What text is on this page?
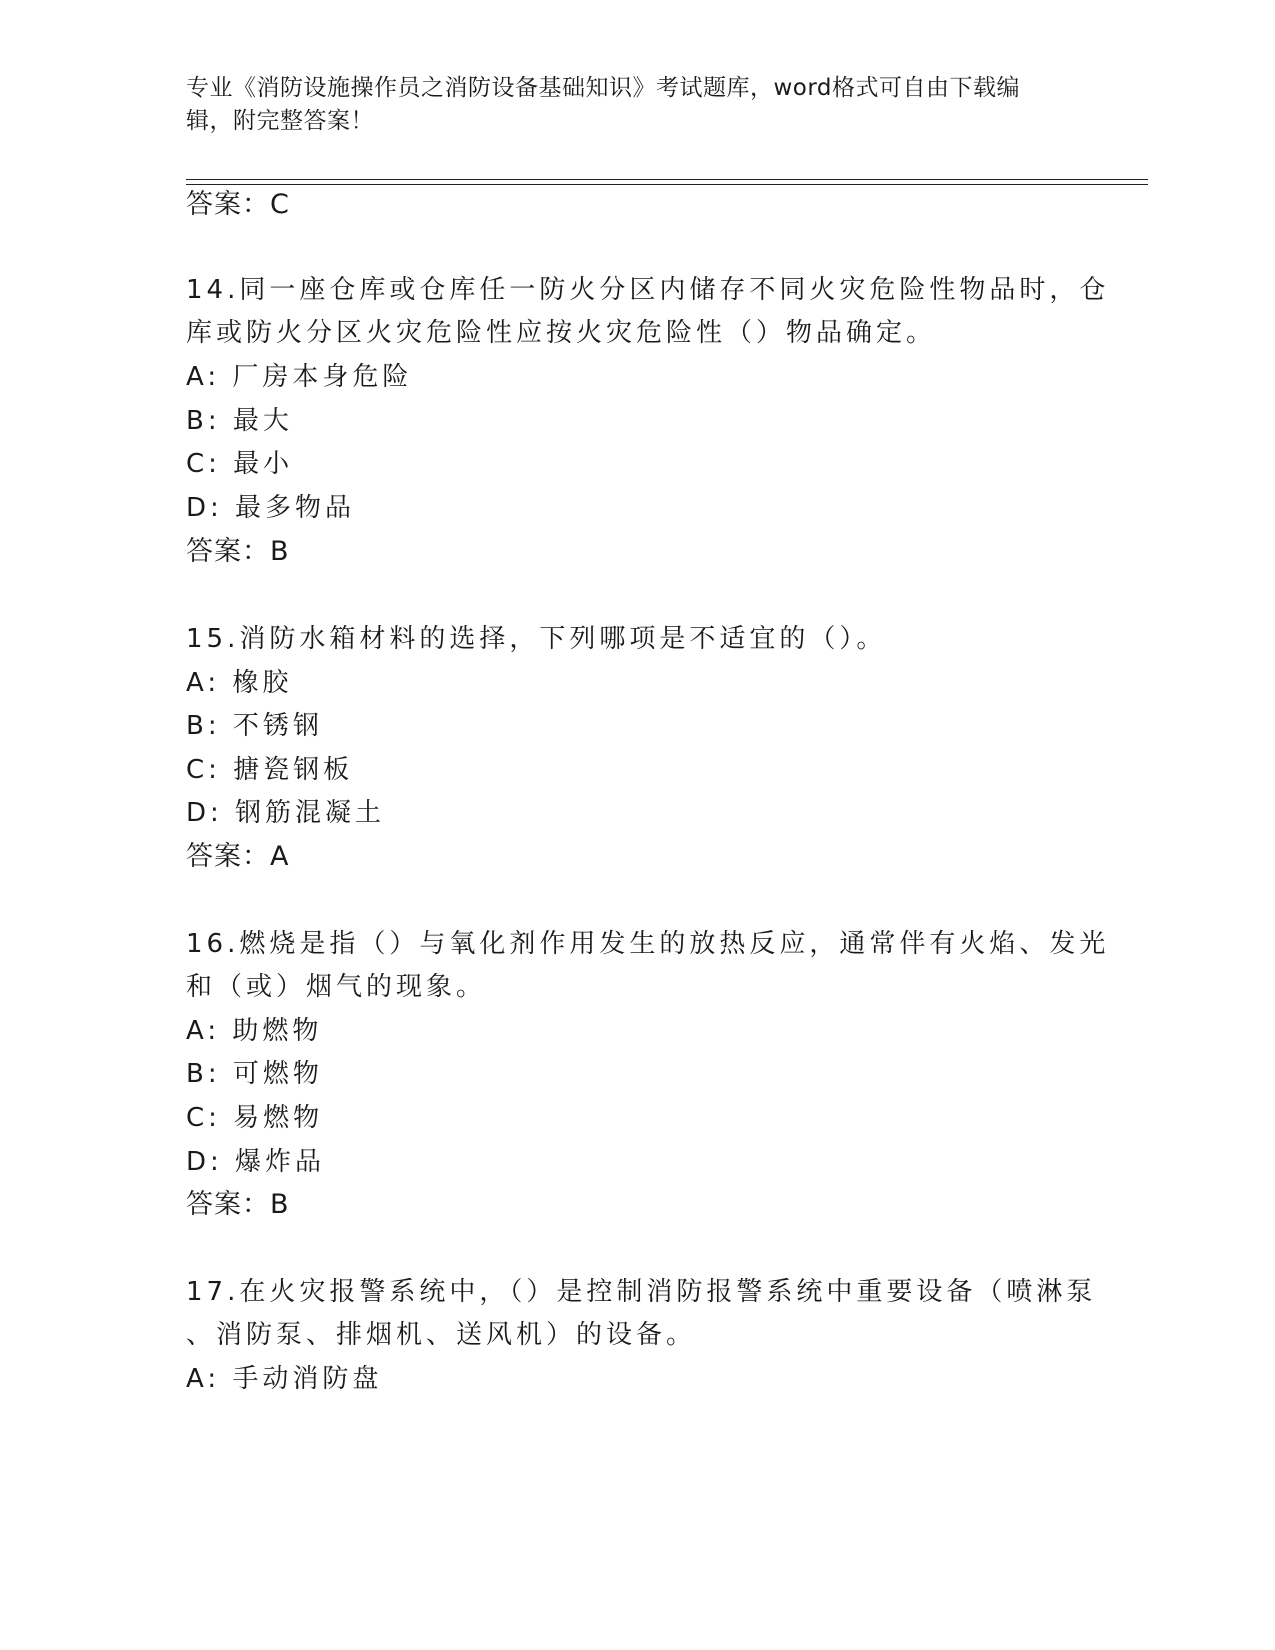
专业《消防设施操作员之消防设备基础知识》考试题库，word格式可自由下载编
辑，附完整答案！
答案：C
14.同一座仓库或仓库任一防火分区内储存不同火灾危险性物品时，仓
库或防火分区火灾危险性应按火灾危险性（）物品确定。
A: 厂房本身危险
B: 最大
C: 最小
D: 最多物品
答案：B
15.消防水箱材料的选择，下列哪项是不适宜的（）。
A: 橡胶
B: 不锈钢
C: 搪瓷钢板
D: 钢筋混凝土
答案：A
16.燃烧是指（）与氧化剂作用发生的放热反应，通常伴有火焰、发光
和（或）烟气的现象。
A: 助燃物
B: 可燃物
C: 易燃物
D: 爆炸品
答案：B
17.在火灾报警系统中，（）是控制消防报警系统中重要设备（喷淋泵
、消防泵、排烟机、送风机）的设备。
A: 手动消防盘
